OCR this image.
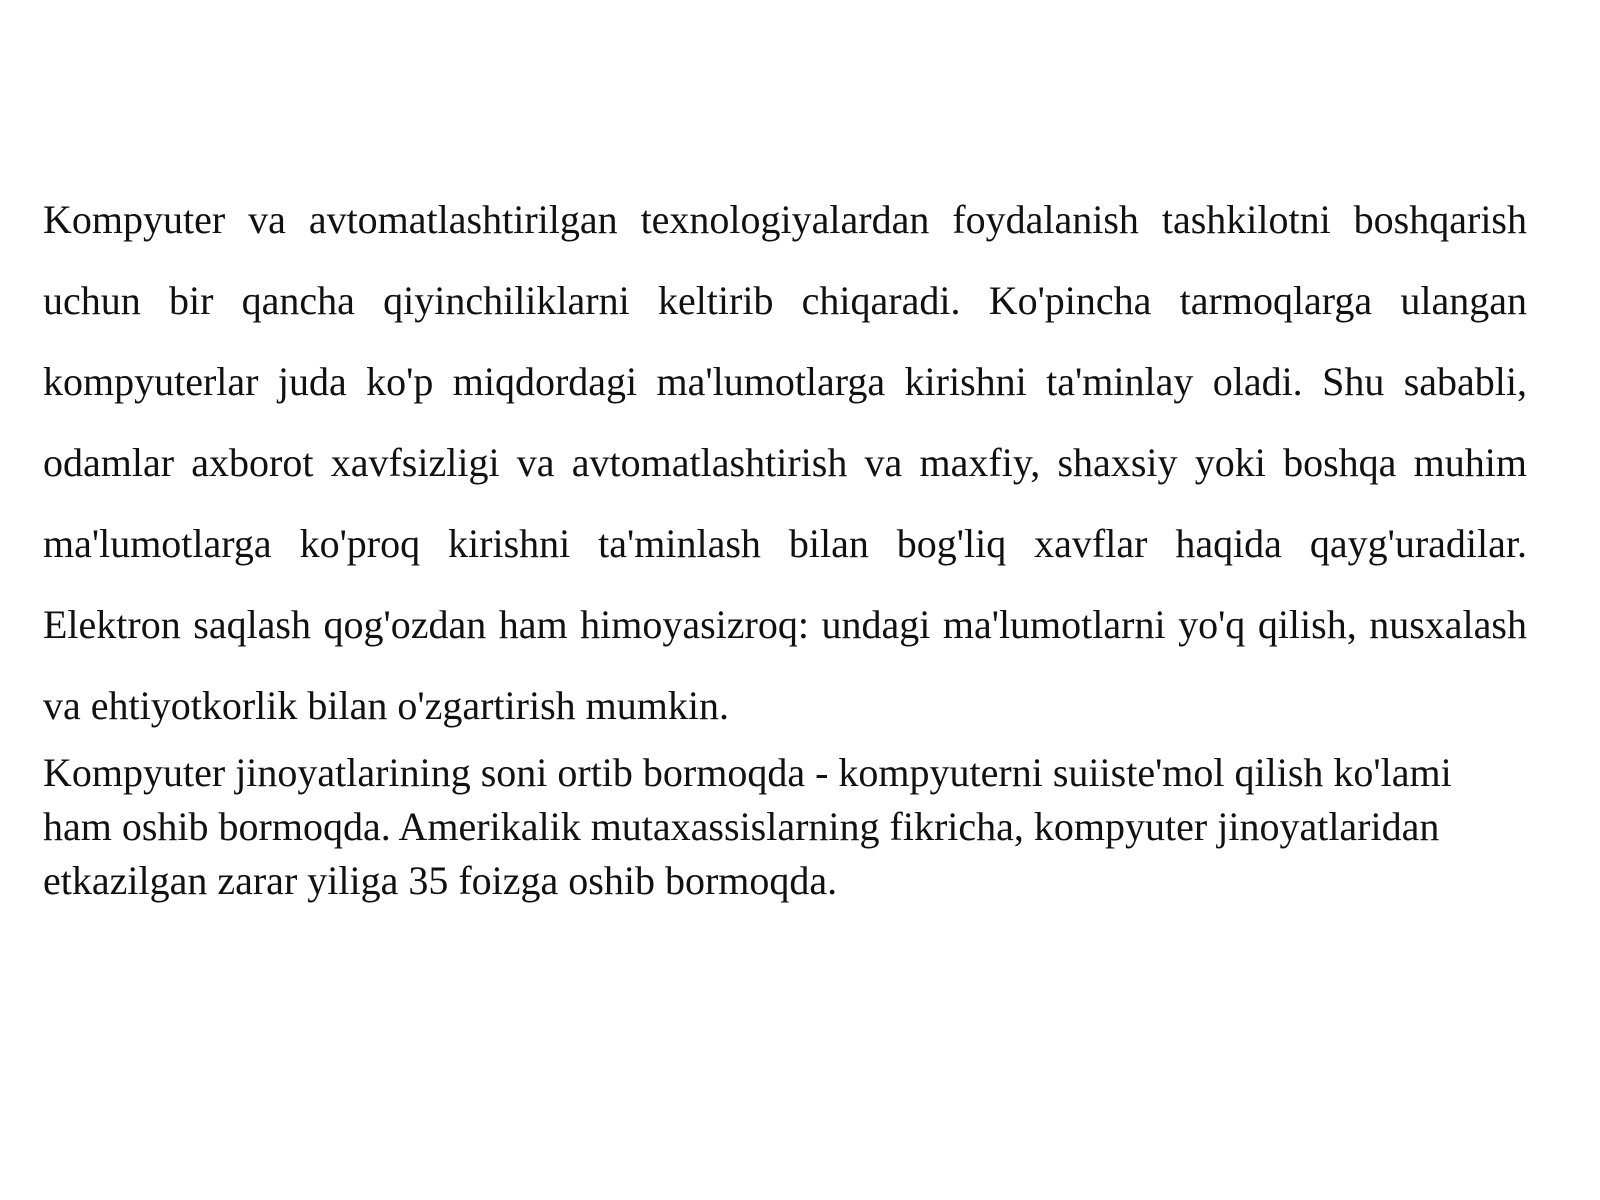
Kompyuter va avtomatlashtirilgan texnologiyalardan foydalanish tashkilotni boshqarish uchun bir qancha qiyinchiliklarni keltirib chiqaradi. Ko'pincha tarmoqlarga ulangan kompyuterlar juda ko'p miqdordagi ma'lumotlarga kirishni ta'minlay oladi. Shu sababli, odamlar axborot xavfsizligi va avtomatlashtirish va maxfiy, shaxsiy yoki boshqa muhim ma'lumotlarga ko'proq kirishni ta'minlash bilan bog'liq xavflar haqida qayg'uradilar. Elektron saqlash qog'ozdan ham himoyasizroq: undagi ma'lumotlarni yo'q qilish, nusxalash va ehtiyotkorlik bilan o'zgartirish mumkin.

Kompyuter jinoyatlarining soni ortib bormoqda - kompyuterni suiiste'mol qilish ko'lami ham oshib bormoqda. Amerikalik mutaxassislarning fikricha, kompyuter jinoyatlaridan etkazilgan zarar yiliga 35 foizga oshib bormoqda.
